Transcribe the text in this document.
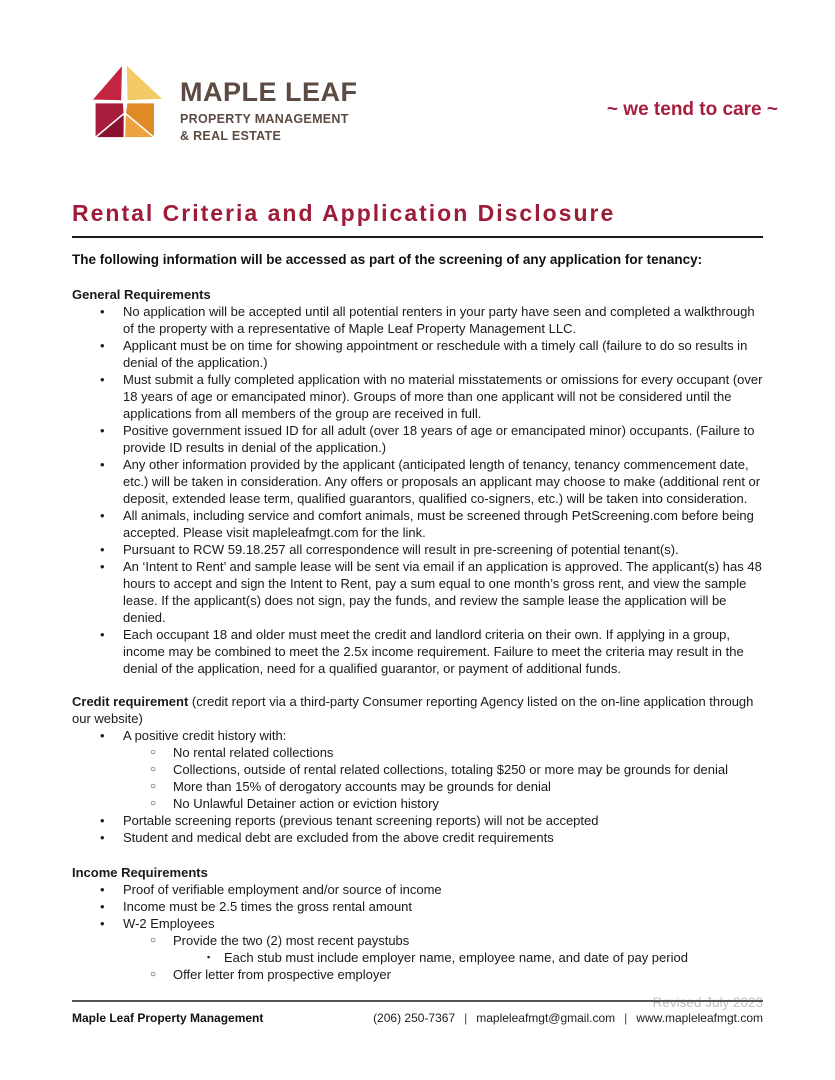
MAPLE LEAF
PROPERTY MANAGEMENT
& REAL ESTATE
~ we tend to care ~
Rental Criteria and Application Disclosure
The following information will be accessed as part of the screening of any application for tenancy:
General Requirements
•	No application will be accepted until all potential renters in your party have seen and completed a walkthrough of the property with a representative of Maple Leaf Property Management LLC.
•	Applicant must be on time for showing appointment or reschedule with a timely call (failure to do so results in denial of the application.)
•	Must submit a fully completed application with no material misstatements or omissions for every occupant (over 18 years of age or emancipated minor). Groups of more than one applicant will not be considered until the applications from all members of the group are received in full.
•	Positive government issued ID for all adult (over 18 years of age or emancipated minor) occupants. (Failure to provide ID results in denial of the application.)
•	Any other information provided by the applicant (anticipated length of tenancy, tenancy commencement date, etc.) will be taken in consideration. Any offers or proposals an applicant may choose to make (additional rent or deposit, extended lease term, qualified guarantors, qualified co-signers, etc.) will be taken into consideration.
•	All animals, including service and comfort animals, must be screened through PetScreening.com before being accepted. Please visit mapleleafmgt.com for the link.
•	Pursuant to RCW 59.18.257 all correspondence will result in pre-screening of potential tenant(s).
•	An ‘Intent to Rent’ and sample lease will be sent via email if an application is approved. The applicant(s) has 48 hours to accept and sign the Intent to Rent, pay a sum equal to one month’s gross rent, and view the sample lease. If the applicant(s) does not sign, pay the funds, and review the sample lease the application will be denied.
•	Each occupant 18 and older must meet the credit and landlord criteria on their own. If applying in a group, income may be combined to meet the 2.5x income requirement. Failure to meet the criteria may result in the denial of the application, need for a qualified guarantor, or payment of additional funds.
Credit requirement (credit report via a third-party Consumer reporting Agency listed on the on-line application through our website)
•	A positive credit history with:
○	No rental related collections
○	Collections, outside of rental related collections, totaling $250 or more may be grounds for denial
○	More than 15% of derogatory accounts may be grounds for denial
○	No Unlawful Detainer action or eviction history
•	Portable screening reports (previous tenant screening reports) will not be accepted
•	Student and medical debt are excluded from the above credit requirements
Income Requirements
•	Proof of verifiable employment and/or source of income
•	Income must be 2.5 times the gross rental amount
•	W-2 Employees
○	Provide the two (2) most recent paystubs
▪	Each stub must include employer name, employee name, and date of pay period
○	Offer letter from prospective employer
Revised July 2023
Maple Leaf Property Management	(206) 250-7367 | mapleleafmgt@gmail.com | www.mapleleafmgt.com
